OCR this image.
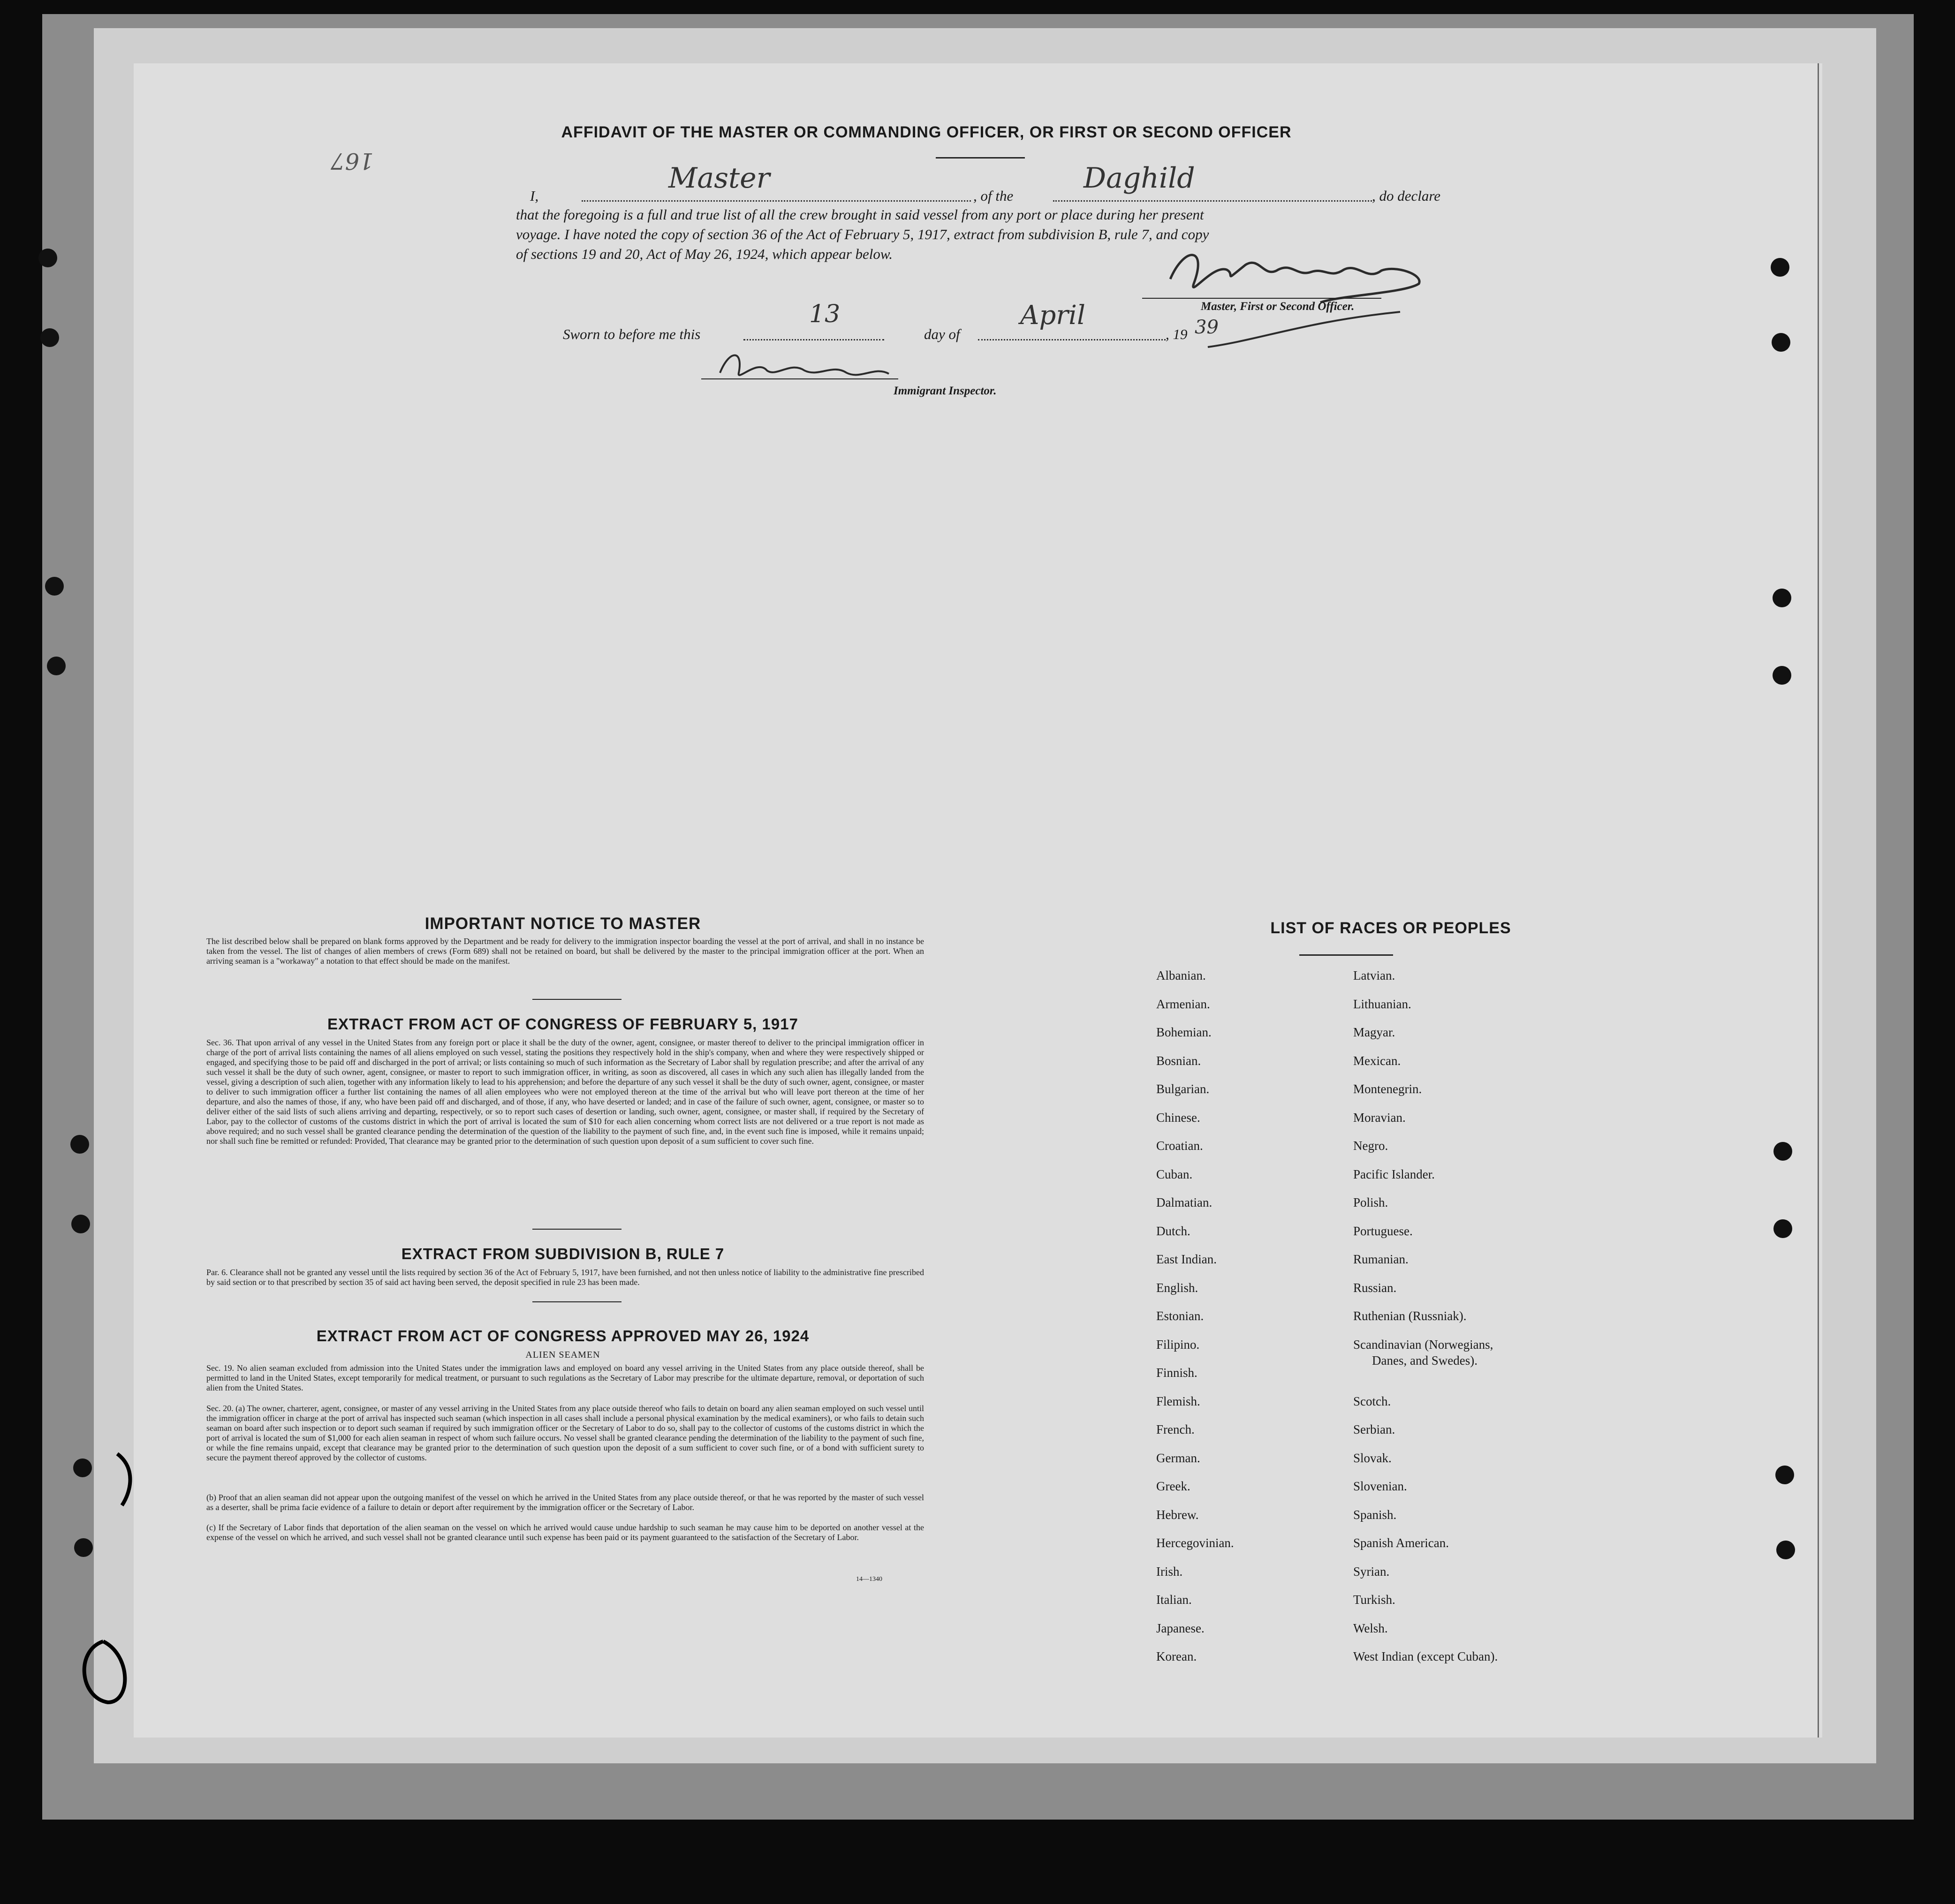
167
AFFIDAVIT OF THE MASTER OR COMMANDING OFFICER, OR FIRST OR SECOND OFFICER
I,
Master
, of the
Daghild
, do declare
that the foregoing is a full and true list of all the crew brought in said vessel from any port or place during her present
voyage. I have noted the copy of section 36 of the Act of February 5, 1917, extract from subdivision B, rule 7, and copy
of sections 19 and 20, Act of May 26, 1924, which appear below.
Master, First or Second Officer.
Sworn to before me this
13
day of
April
, 19 39
Immigrant Inspector.
IMPORTANT NOTICE TO MASTER
The list described below shall be prepared on blank forms approved by the Department and be ready for delivery to the immigration inspector boarding the vessel at the port of arrival, and shall in no instance be taken from the vessel. The list of changes of alien members of crews (Form 689) shall not be retained on board, but shall be delivered by the master to the principal immigration officer at the port. When an arriving seaman is a "workaway" a notation to that effect should be made on the manifest.
EXTRACT FROM ACT OF CONGRESS OF FEBRUARY 5, 1917
Sec. 36. That upon arrival of any vessel in the United States from any foreign port or place it shall be the duty of the owner, agent, consignee, or master thereof to deliver to the principal immigration officer in charge of the port of arrival lists containing the names of all aliens employed on such vessel, stating the positions they respectively hold in the ship's company, when and where they were respectively shipped or engaged, and specifying those to be paid off and discharged in the port of arrival; or lists containing so much of such information as the Secretary of Labor shall by regulation prescribe; and after the arrival of any such vessel it shall be the duty of such owner, agent, consignee, or master to report to such immigration officer, in writing, as soon as discovered, all cases in which any such alien has illegally landed from the vessel, giving a description of such alien, together with any information likely to lead to his apprehension; and before the departure of any such vessel it shall be the duty of such owner, agent, consignee, or master to deliver to such immigration officer a further list containing the names of all alien employees who were not employed thereon at the time of the arrival but who will leave port thereon at the time of her departure, and also the names of those, if any, who have been paid off and discharged, and of those, if any, who have deserted or landed; and in case of the failure of such owner, agent, consignee, or master so to deliver either of the said lists of such aliens arriving and departing, respectively, or so to report such cases of desertion or landing, such owner, agent, consignee, or master shall, if required by the Secretary of Labor, pay to the collector of customs of the customs district in which the port of arrival is located the sum of $10 for each alien concerning whom correct lists are not delivered or a true report is not made as above required; and no such vessel shall be granted clearance pending the determination of the question of the liability to the payment of such fine, and, in the event such fine is imposed, while it remains unpaid; nor shall such fine be remitted or refunded: Provided, That clearance may be granted prior to the determination of such question upon deposit of a sum sufficient to cover such fine.
EXTRACT FROM SUBDIVISION B, RULE 7
Par. 6. Clearance shall not be granted any vessel until the lists required by section 36 of the Act of February 5, 1917, have been furnished, and not then unless notice of liability to the administrative fine prescribed by said section or to that prescribed by section 35 of said act having been served, the deposit specified in rule 23 has been made.
EXTRACT FROM ACT OF CONGRESS APPROVED MAY 26, 1924
ALIEN SEAMEN
Sec. 19. No alien seaman excluded from admission into the United States under the immigration laws and employed on board any vessel arriving in the United States from any place outside thereof, shall be permitted to land in the United States, except temporarily for medical treatment, or pursuant to such regulations as the Secretary of Labor may prescribe for the ultimate departure, removal, or deportation of such alien from the United States.
Sec. 20. (a) The owner, charterer, agent, consignee, or master of any vessel arriving in the United States from any place outside thereof who fails to detain on board any alien seaman employed on such vessel until the immigration officer in charge at the port of arrival has inspected such seaman (which inspection in all cases shall include a personal physical examination by the medical examiners), or who fails to detain such seaman on board after such inspection or to deport such seaman if required by such immigration officer or the Secretary of Labor to do so, shall pay to the collector of customs of the customs district in which the port of arrival is located the sum of $1,000 for each alien seaman in respect of whom such failure occurs. No vessel shall be granted clearance pending the determination of the liability to the payment of such fine, or while the fine remains unpaid, except that clearance may be granted prior to the determination of such question upon the deposit of a sum sufficient to cover such fine, or of a bond with sufficient surety to secure the payment thereof approved by the collector of customs.
(b) Proof that an alien seaman did not appear upon the outgoing manifest of the vessel on which he arrived in the United States from any place outside thereof, or that he was reported by the master of such vessel as a deserter, shall be prima facie evidence of a failure to detain or deport after requirement by the immigration officer or the Secretary of Labor.
(c) If the Secretary of Labor finds that deportation of the alien seaman on the vessel on which he arrived would cause undue hardship to such seaman he may cause him to be deported on another vessel at the expense of the vessel on which he arrived, and such vessel shall not be granted clearance until such expense has been paid or its payment guaranteed to the satisfaction of the Secretary of Labor.
14—1340
LIST OF RACES OR PEOPLES
Albanian.
Armenian.
Bohemian.
Bosnian.
Bulgarian.
Chinese.
Croatian.
Cuban.
Dalmatian.
Dutch.
East Indian.
English.
Estonian.
Filipino.
Finnish.
Flemish.
French.
German.
Greek.
Hebrew.
Hercegovinian.
Irish.
Italian.
Japanese.
Korean.
Latvian.
Lithuanian.
Magyar.
Mexican.
Montenegrin.
Moravian.
Negro.
Pacific Islander.
Polish.
Portuguese.
Rumanian.
Russian.
Ruthenian (Russniak).
Scandinavian (Norwegians,
Danes, and Swedes).
Scotch.
Serbian.
Slovak.
Slovenian.
Spanish.
Spanish American.
Syrian.
Turkish.
Welsh.
West Indian (except Cuban).
